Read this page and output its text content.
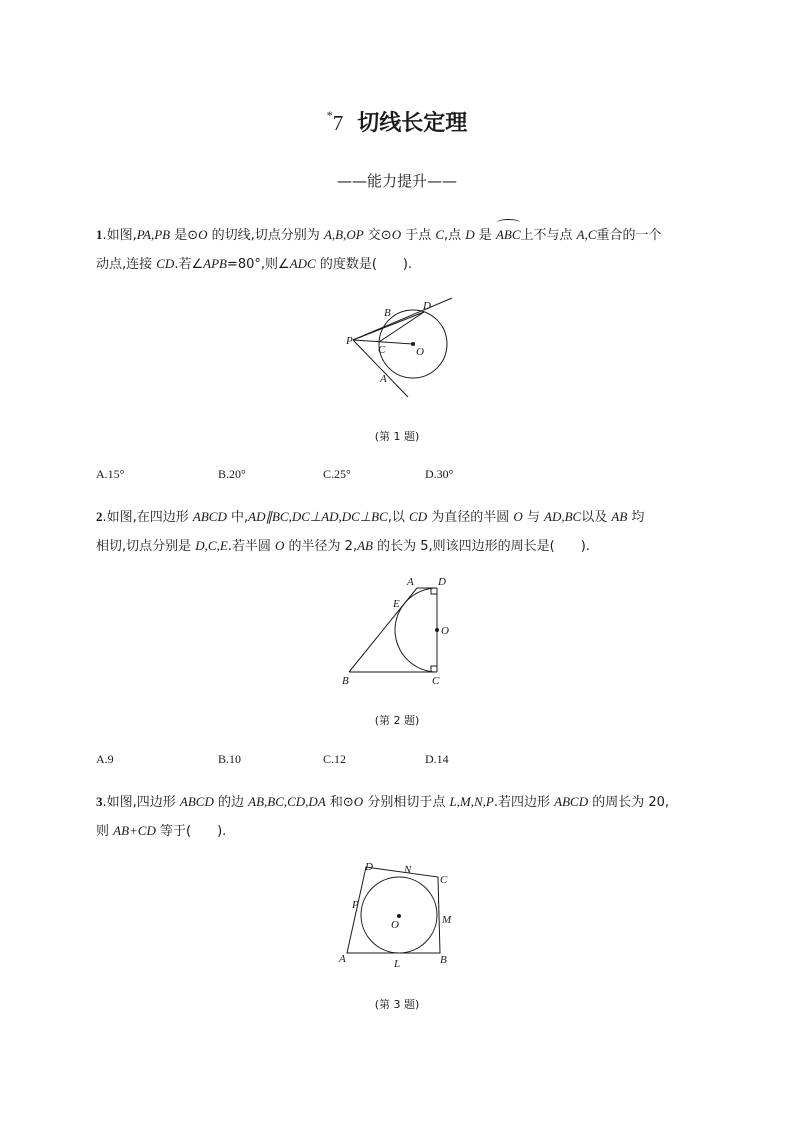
*7 切线长定理
——能力提升——
1.如图,PA,PB 是⊙O 的切线,切点分别为 A,B,OP 交⊙O 于点 C,点 D 是 ABC上不与点 A,C重合的一个
动点,连接 CD.若∠APB=80°,则∠ADC 的度数是(　　).
P
B
D
C	O
A
(第 1 题)
A.15°	B.20°	C.25°	D.30°
2.如图,在四边形 ABCD 中,AD∥BC,DC⊥AD,DC⊥BC,以 CD 为直径的半圆 O 与 AD,BC以及 AB 均
相切,切点分别是 D,C,E.若半圆 O 的半径为 2,AB 的长为 5,则该四边形的周长是(　　).
A D
E
O
B	C
(第 2 题)
A.9	B.10	C.12	D.14
3.如图,四边形 ABCD 的边 AB,BC,CD,DA 和⊙O 分别相切于点 L,M,N,P.若四边形 ABCD 的周长为 20,
则 AB+CD 等于(　　).
D	N
C
P
M
O
A	L	B
(第 3 题)
